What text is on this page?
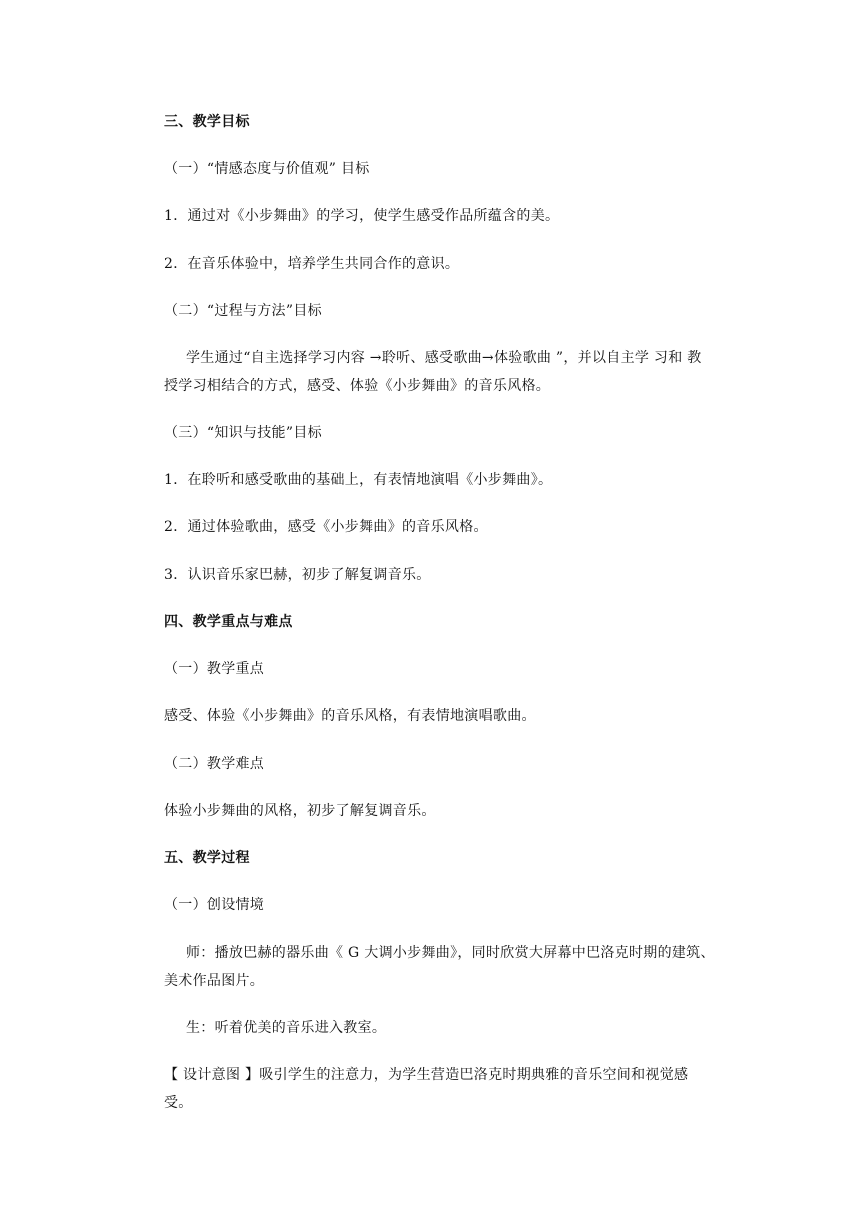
三、教学目标
（一）“情感态度与价值观” 目标
1．通过对《小步舞曲》的学习，使学生感受作品所蕴含的美。
2．在音乐体验中，培养学生共同合作的意识。
（二）“过程与方法”目标
学生通过“自主选择学习内容 →聆听、感受歌曲→体验歌曲 ”，并以自主学 习和 教
授学习相结合的方式，感受、体验《小步舞曲》的音乐风格。
（三）“知识与技能”目标
1．在聆听和感受歌曲的基础上，有表情地演唱《小步舞曲》。
2．通过体验歌曲，感受《小步舞曲》的音乐风格。
3．认识音乐家巴赫，初步了解复调音乐。
四、教学重点与难点
（一）教学重点
感受、体验《小步舞曲》的音乐风格，有表情地演唱歌曲。
（二）教学难点
体验小步舞曲的风格，初步了解复调音乐。
五、教学过程
（一）创设情境
师：播放巴赫的器乐曲《 G 大调小步舞曲》，同时欣赏大屏幕中巴洛克时期的建筑、
美术作品图片。
生：听着优美的音乐进入教室。
【 设计意图 】吸引学生的注意力，为学生营造巴洛克时期典雅的音乐空间和视觉感
受。
